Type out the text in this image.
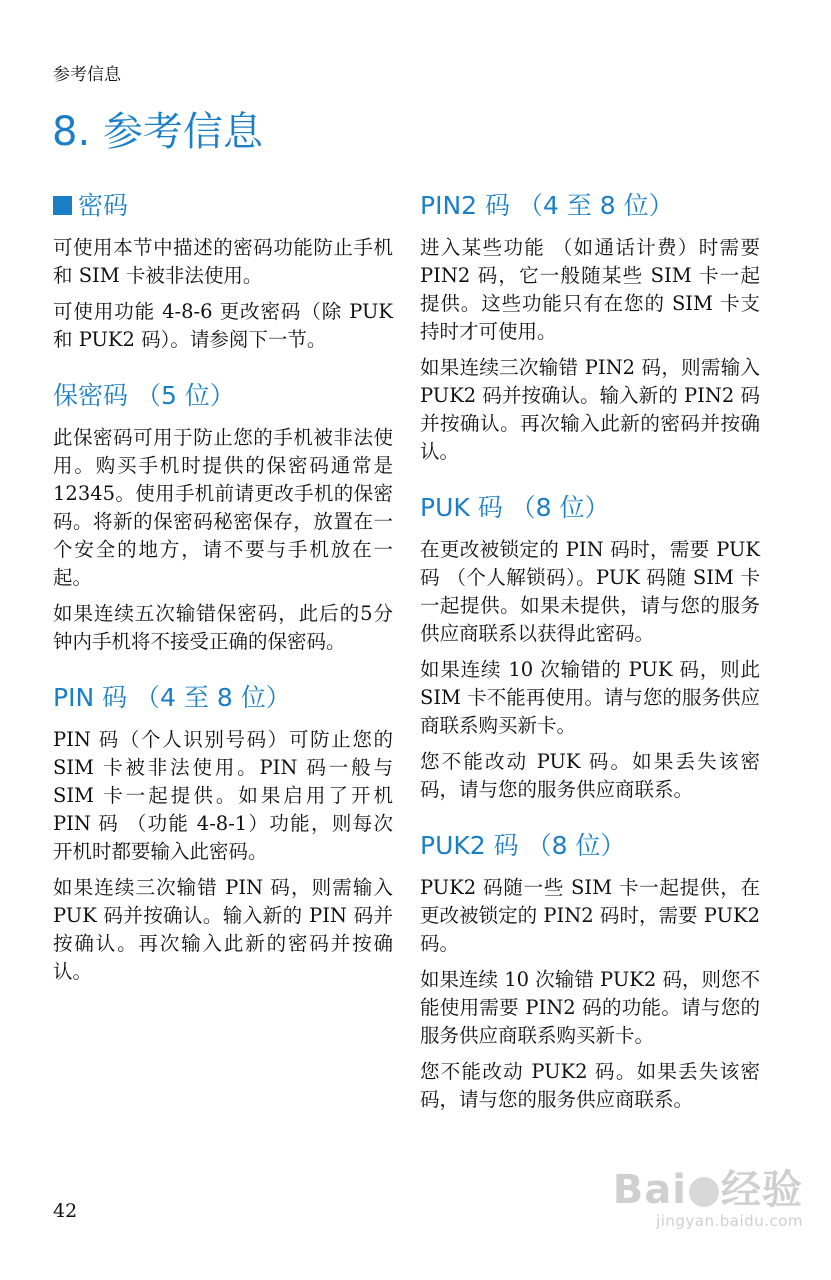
参考信息
8. 参考信息
密码

可使用本节中描述的密码功能防止手机和 SIM 卡被非法使用。

可使用功能 4-8-6 更改密码（除 PUK 和 PUK2 码）。请参阅下一节。

保密码 （5 位）

此保密码可用于防止您的手机被非法使用。购买手机时提供的保密码通常是 12345。使用手机前请更改手机的保密码。将新的保密码秘密保存，放置在一个安全的地方，请不要与手机放在一起。

如果连续五次输错保密码，此后的5分钟内手机将不接受正确的保密码。

PIN 码 （4 至 8 位）

PIN 码（个人识别号码）可防止您的 SIM 卡被非法使用。PIN 码一般与 SIM 卡一起提供。如果启用了开机 PIN 码 （功能 4-8-1）功能，则每次开机时都要输入此密码。

如果连续三次输错 PIN 码，则需输入 PUK 码并按确认。输入新的 PIN 码并按确认。再次输入此新的密码并按确认。

PIN2 码 （4 至 8 位）

进入某些功能 （如通话计费）时需要 PIN2 码，它一般随某些 SIM 卡一起提供。这些功能只有在您的 SIM 卡支持时才可使用。

如果连续三次输错 PIN2 码，则需输入 PUK2 码并按确认。输入新的 PIN2 码并按确认。再次输入此新的密码并按确认。

PUK 码 （8 位）

在更改被锁定的 PIN 码时，需要 PUK 码 （个人解锁码）。PUK 码随 SIM 卡一起提供。如果未提供，请与您的服务供应商联系以获得此密码。

如果连续 10 次输错的 PUK 码，则此 SIM 卡不能再使用。请与您的服务供应商联系购买新卡。

您不能改动 PUK 码。如果丢失该密码，请与您的服务供应商联系。

PUK2 码 （8 位）

PUK2 码随一些 SIM 卡一起提供，在更改被锁定的 PIN2 码时，需要 PUK2 码。

如果连续 10 次输错 PUK2 码，则您不能使用需要 PIN2 码的功能。请与您的服务供应商联系购买新卡。

您不能改动 PUK2 码。如果丢失该密码，请与您的服务供应商联系。

42	Bai 经验
jingyan.baidu.com
